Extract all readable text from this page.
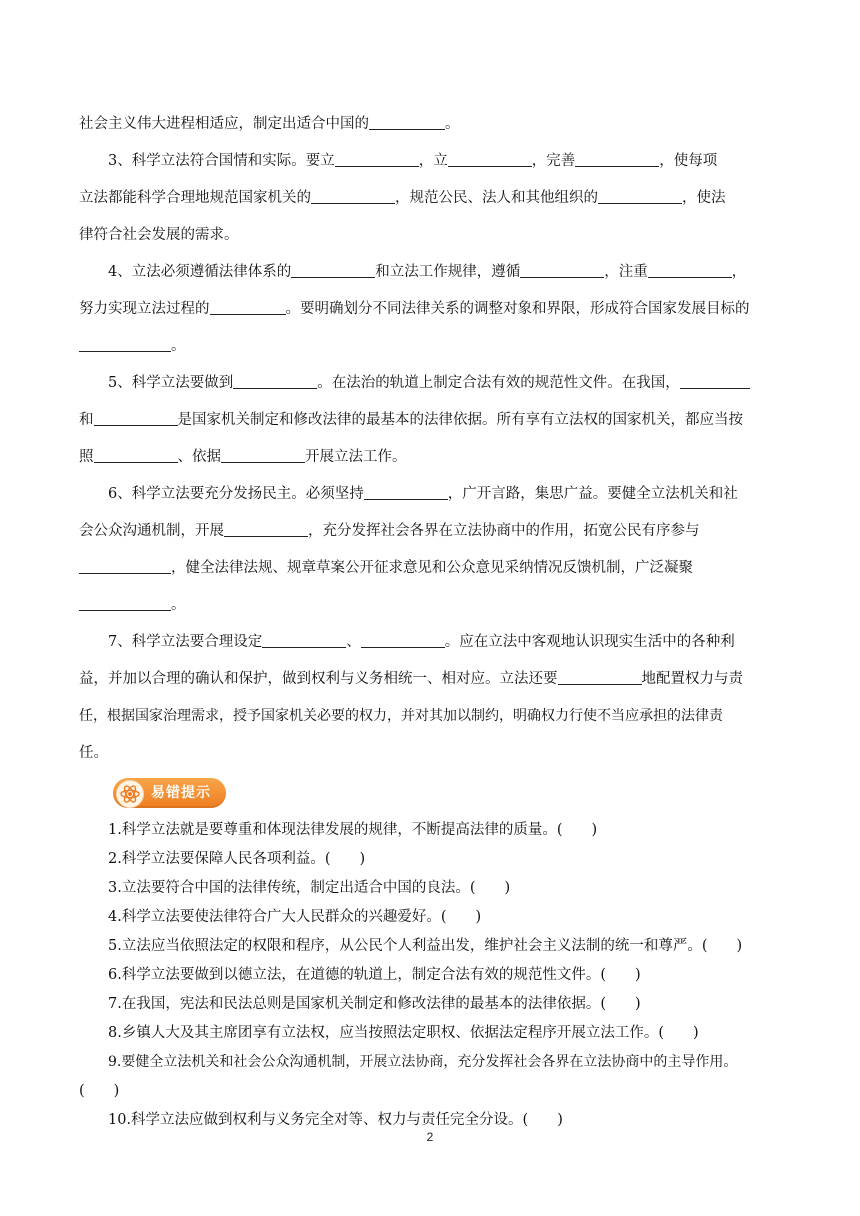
社会主义伟大进程相适应，制定出适合中国的	。

3、科学立法符合国情和实际。要立	，立	，完善	，使每项
立法都能科学合理地规范国家机关的	，规范公民、法人和其他组织的	，使法
律符合社会发展的需求。

4、立法必须遵循法律体系的	和立法工作规律，遵循	，注重	，
努力实现立法过程的	。要明确划分不同法律关系的调整对象和界限，形成符合国家发展目标的
。

5、科学立法要做到	。在法治的轨道上制定合法有效的规范性文件。在我国，
和	是国家机关制定和修改法律的最基本的法律依据。所有享有立法权的国家机关，都应当按
照	、依据	开展立法工作。

6、科学立法要充分发扬民主。必须坚持	，广开言路，集思广益。要健全立法机关和社
会公众沟通机制，开展	，充分发挥社会各界在立法协商中的作用，拓宽公民有序参与
，健全法律法规、规章草案公开征求意见和公众意见采纳情况反馈机制，广泛凝聚
。

7、科学立法要合理设定	、	。应在立法中客观地认识现实生活中的各种利
益，并加以合理的确认和保护，做到权利与义务相统一、相对应。立法还要	地配置权力与责
任，根据国家治理需求，授予国家机关必要的权力，并对其加以制约，明确权力行使不当应承担的法律责
任。

易错提示

1.科学立法就是要尊重和体现法律发展的规律，不断提高法律的质量。(　　)

2.科学立法要保障人民各项利益。(　　)

3.立法要符合中国的法律传统，制定出适合中国的良法。(　　)

4.科学立法要使法律符合广大人民群众的兴趣爱好。(　　)

5.立法应当依照法定的权限和程序，从公民个人利益出发，维护社会主义法制的统一和尊严。(　　)

6.科学立法要做到以德立法，在道德的轨道上，制定合法有效的规范性文件。(　　)

7.在我国，宪法和民法总则是国家机关制定和修改法律的最基本的法律依据。(　　)

8.乡镇人大及其主席团享有立法权，应当按照法定职权、依据法定程序开展立法工作。(　　)

9.要健全立法机关和社会公众沟通机制，开展立法协商，充分发挥社会各界在立法协商中的主导作用。
(　　)

10.科学立法应做到权利与义务完全对等、权力与责任完全分设。(　　)

2
